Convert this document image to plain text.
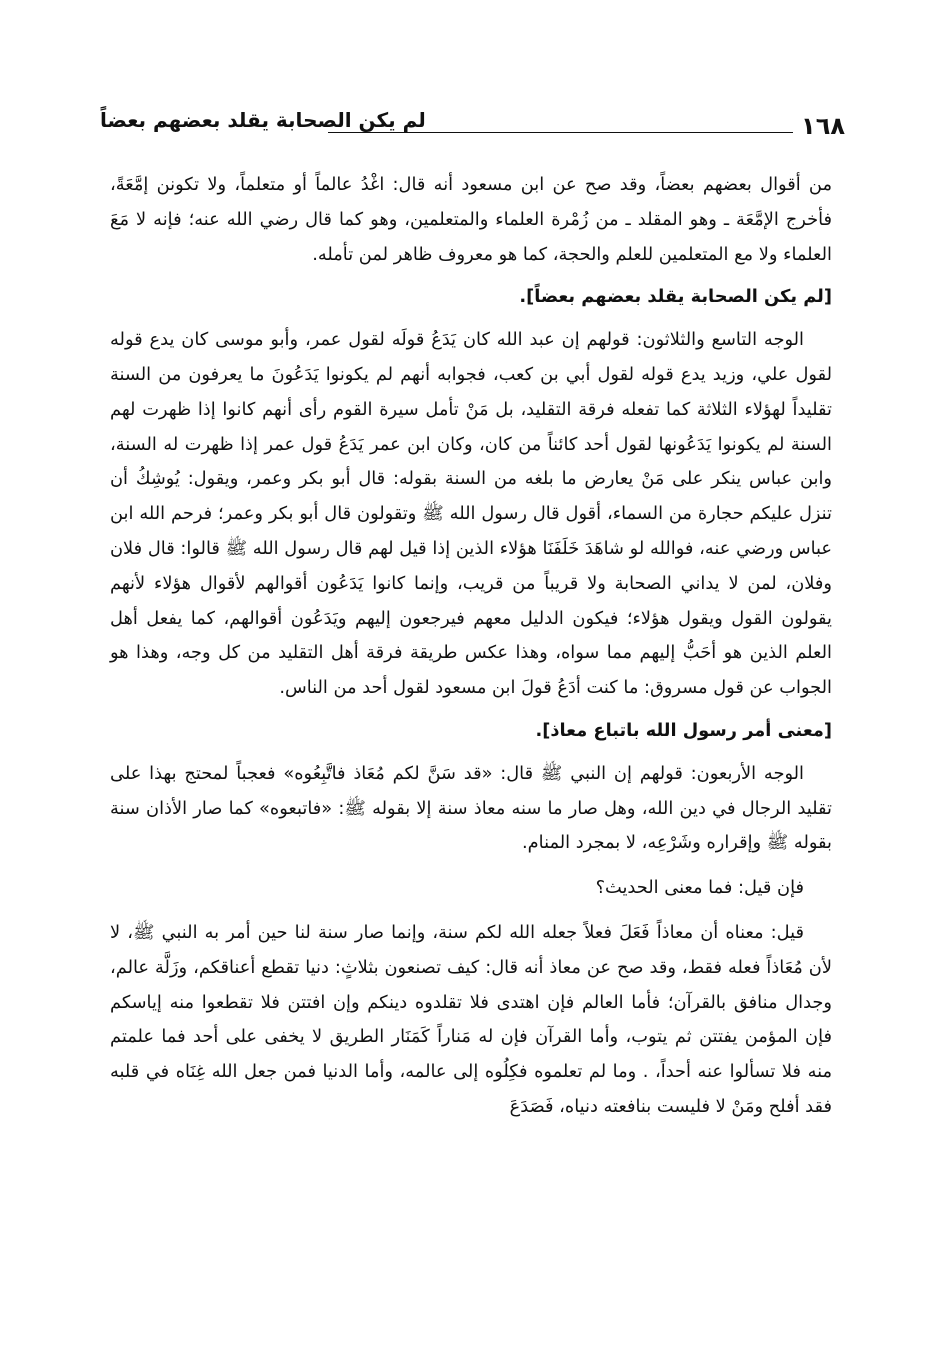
١٦٨
لم يكن الصحابة يقلد بعضهم بعضاً

من أقوال بعضهم بعضاً، وقد صح عن ابن مسعود أنه قال: اغْدُ عالماً أو متعلماً، ولا تكونن إمَّعَةً، فأخرج الإمَّعَة ـ وهو المقلد ـ من زُمْرة العلماء والمتعلمين، وهو كما قال رضي الله عنه؛ فإنه لا مَعَ العلماء ولا مع المتعلمين للعلم والحجة، كما هو معروف ظاهر لمن تأمله.

[لم يكن الصحابة يقلد بعضهم بعضاً].

الوجه التاسع والثلاثون: قولهم إن عبد الله كان يَدَعُ قولَه لقول عمر، وأبو موسى كان يدع قوله لقول علي، وزيد يدع قوله لقول أبي بن كعب، فجوابه أنهم لم يكونوا يَدَعُونَ ما يعرفون من السنة تقليداً لهؤلاء الثلاثة كما تفعله فرقة التقليد، بل مَنْ تأمل سيرة القوم رأى أنهم كانوا إذا ظهرت لهم السنة لم يكونوا يَدَعُونها لقول أحد كائناً من كان، وكان ابن عمر يَدَعُ قول عمر إذا ظهرت له السنة، وابن عباس ينكر على مَنْ يعارض ما بلغه من السنة بقوله: قال أبو بكر وعمر، ويقول: يُوشِكُ أن تنزل عليكم حجارة من السماء، أقول قال رسول الله ﷺ وتقولون قال أبو بكر وعمر؛ فرحم الله ابن عباس ورضي عنه، فوالله لو شاهَدَ خَلَفَنَا هؤلاء الذين إذا قيل لهم قال رسول الله ﷺ قالوا: قال فلان وفلان، لمن لا يداني الصحابة ولا قريباً من قريب، وإنما كانوا يَدَعُون أقوالهم لأقوال هؤلاء لأنهم يقولون القول ويقول هؤلاء؛ فيكون الدليل معهم فيرجعون إليهم ويَدَعُون أقوالهم، كما يفعل أهل العلم الذين هو أحَبُّ إليهم مما سواه، وهذا عكس طريقة فرقة أهل التقليد من كل وجه، وهذا هو الجواب عن قول مسروق: ما كنت أدَعُ قولَ ابن مسعود لقول أحد من الناس.

[معنى أمر رسول الله باتباع معاذ].

الوجه الأربعون: قولهم إن النبي ﷺ قال: «قد سَنَّ لكم مُعَاذ فاتَّبِعُوه» فعجباً لمحتج بهذا على تقليد الرجال في دين الله، وهل صار ما سنه معاذ سنة إلا بقوله ﷺ: «فاتبعوه» كما صار الأذان سنة بقوله ﷺ وإقراره وشَرْعِه، لا بمجرد المنام.

فإن قيل: فما معنى الحديث؟

قيل: معناه أن معاذاً فَعَلَ فعلاً جعله الله لكم سنة، وإنما صار سنة لنا حين أمر به النبي ﷺ، لا لأن مُعَاذاً فعله فقط، وقد صح عن معاذ أنه قال: كيف تصنعون بثلاثٍ: دنيا تقطع أعناقكم، وزَلَّة عالم، وجدال منافق بالقرآن؛ فأما العالم فإن اهتدى فلا تقلدوه دينكم وإن افتتن فلا تقطعوا منه إياسكم فإن المؤمن يفتتن ثم يتوب، وأما القرآن فإن له مَناراً كَمَنَار الطريق لا يخفى على أحد فما علمتم منه فلا تسألوا عنه أحداً، . وما لم تعلموه فكِلُوه إلى عالمه، وأما الدنيا فمن جعل الله غِنَاه في قلبه فقد أفلح ومَنْ لا فليست بنافعته دنياه، فَصَدَعَ
